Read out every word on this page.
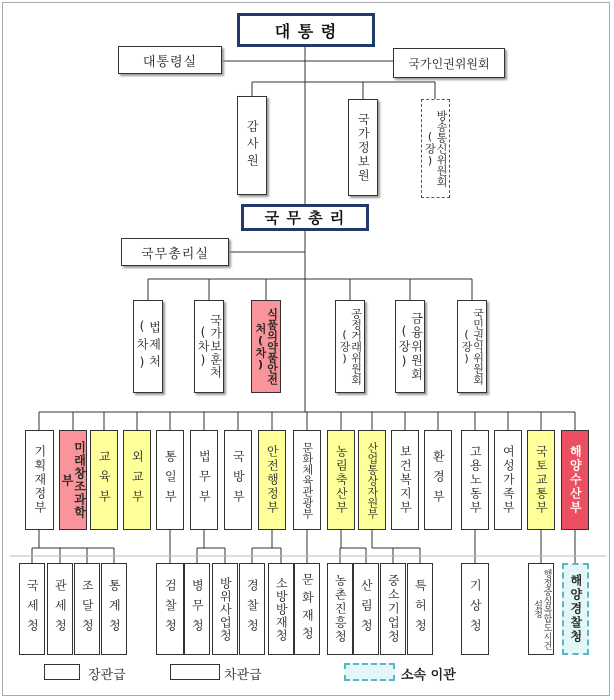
대 통 령
대통령실	국가인권위원회
감사원	국가정보원	방송통신위원회(장)
국 무 총 리
국무총리실
법제처(차)	국가보훈처(차)	식품의약품안전처(차)	공정거래위원회(장)	금융위원회(장)	국민권익위원회(장)
기획재정부	미래창조과학부	교육부	외교부	통일부	법무부	국방부	안전행정부	문화체육관광부	농림축산부	산업통상자원부	보건복지부	환경부	고용노동부	여성가족부	국토교통부	해양수산부
국세청	관세청	조달청	통계청	검찰청	병무청	방위사업청	경찰청	소방방재청	문화재청	농촌진흥청	산림청	중소기업청	특허청	기상청	행정중심복합도시건설청	해양경찰청
장관급	차관급	소속 이관
